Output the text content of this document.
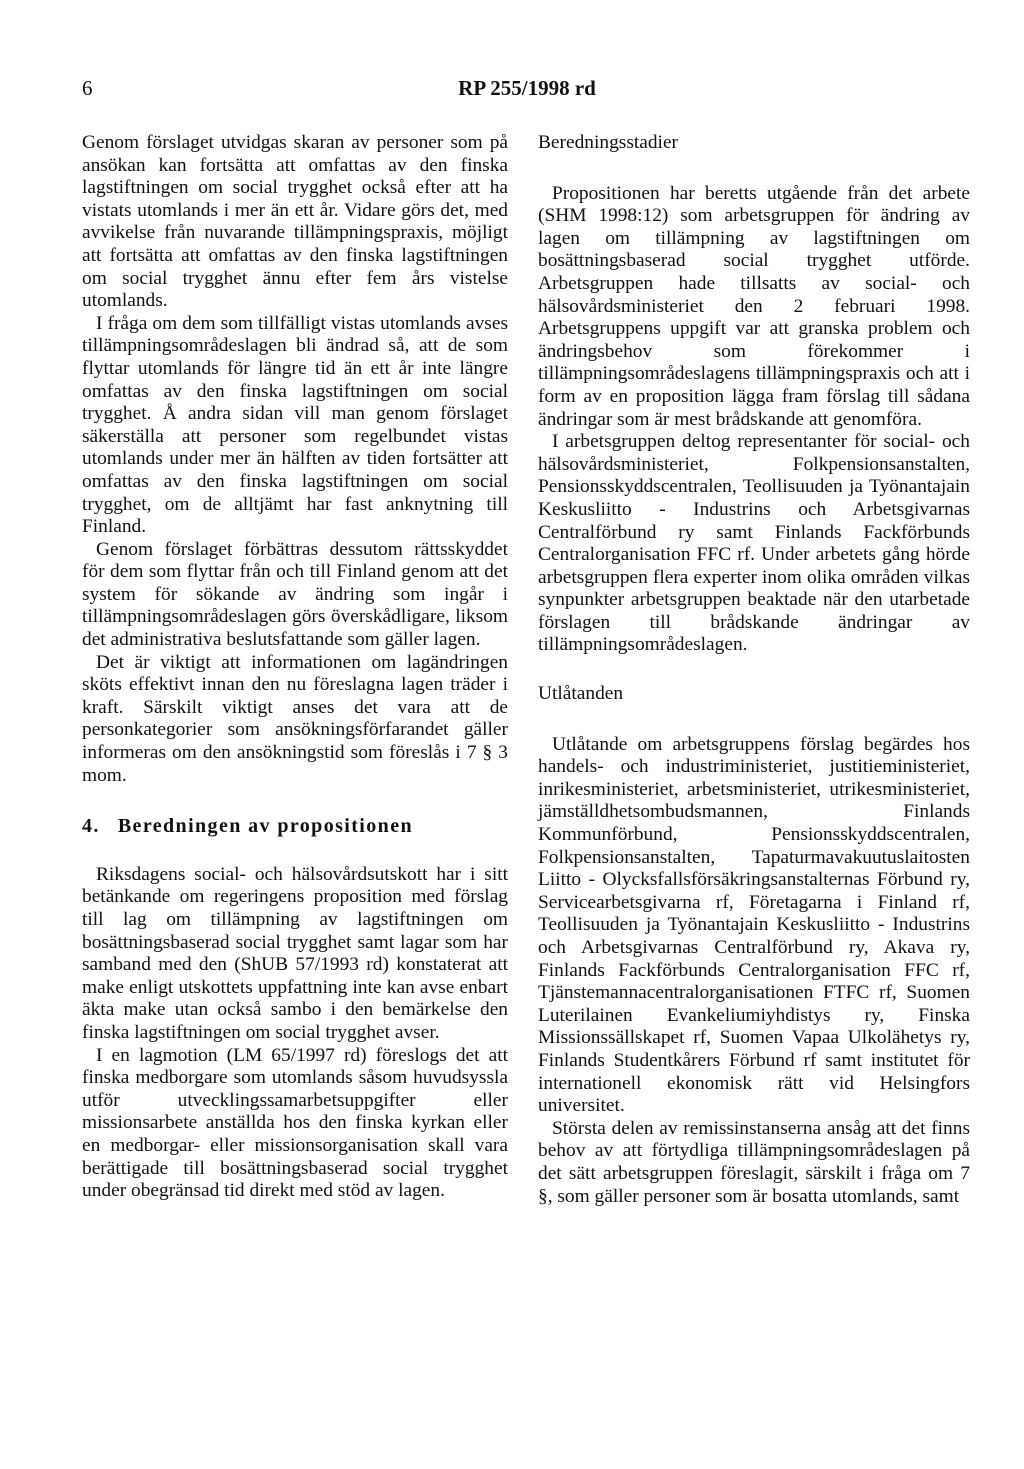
6	RP 255/1998 rd

Genom förslaget utvidgas skaran av personer som på ansökan kan fortsätta att omfattas av den finska lagstiftningen om social trygghet också efter att ha vistats utomlands i mer än ett år. Vidare görs det, med avvikelse från nuvarande tillämpningspraxis, möjligt att fortsätta att omfattas av den finska lagstiftningen om social trygghet ännu efter fem års vistelse utomlands.

I fråga om dem som tillfälligt vistas utomlands avses tillämpningsområdeslagen bli ändrad så, att de som flyttar utomlands för längre tid än ett år inte längre omfattas av den finska lagstiftningen om social trygghet. Å andra sidan vill man genom förslaget säkerställa att personer som regelbundet vistas utomlands under mer än hälften av tiden fortsätter att omfattas av den finska lagstiftningen om social trygghet, om de alltjämt har fast anknytning till Finland.

Genom förslaget förbättras dessutom rättsskyddet för dem som flyttar från och till Finland genom att det system för sökande av ändring som ingår i tillämpningsområdeslagen görs överskådligare, liksom det administrativa beslutsfattande som gäller lagen.

Det är viktigt att informationen om lagändringen sköts effektivt innan den nu föreslagna lagen träder i kraft. Särskilt viktigt anses det vara att de personkategorier som ansökningsförfarandet gäller informeras om den ansökningstid som föreslås i 7 § 3 mom.

4. Beredningen av propositionen

Riksdagens social- och hälsovårdsutskott har i sitt betänkande om regeringens proposition med förslag till lag om tillämpning av lagstiftningen om bosättningsbaserad social trygghet samt lagar som har samband med den (ShUB 57/1993 rd) konstaterat att make enligt utskottets uppfattning inte kan avse enbart äkta make utan också sambo i den bemärkelse den finska lagstiftningen om social trygghet avser.

I en lagmotion (LM 65/1997 rd) föreslogs det att finska medborgare som utomlands såsom huvudsyssla utför utvecklingssamarbetsuppgifter eller missionsarbete anställda hos den finska kyrkan eller en medborgar- eller missionsorganisation skall vara berättigade till bosättningsbaserad social trygghet under obegränsad tid direkt med stöd av lagen.

Beredningsstadier

Propositionen har beretts utgående från det arbete (SHM 1998:12) som arbetsgruppen för ändring av lagen om tillämpning av lagstiftningen om bosättningsbaserad social trygghet utförde. Arbetsgruppen hade tillsatts av social- och hälsovårdsministeriet den 2 februari 1998. Arbetsgruppens uppgift var att granska problem och ändringsbehov som förekommer i tillämpningsområdeslagens tillämpningspraxis och att i form av en proposition lägga fram förslag till sådana ändringar som är mest brådskande att genomföra.

I arbetsgruppen deltog representanter för social- och hälsovårdsministeriet, Folkpensionsanstalten, Pensionsskyddscentralen, Teollisuuden ja Työnantajain Keskusliitto - Industrins och Arbetsgivarnas Centralförbund ry samt Finlands Fackförbunds Centralorganisation FFC rf. Under arbetets gång hörde arbetsgruppen flera experter inom olika områden vilkas synpunkter arbetsgruppen beaktade när den utarbetade förslagen till brådskande ändringar av tillämpningsområdeslagen.

Utlåtanden

Utlåtande om arbetsgruppens förslag begärdes hos handels- och industriministeriet, justitieministeriet, inrikesministeriet, arbetsministeriet, utrikesministeriet, jämställdhetsombudsmannen, Finlands Kommunförbund, Pensionsskyddscentralen, Folkpensionsanstalten, Tapaturmavakuutuslaitosten Liitto - Olycksfallsförsäkringsanstalternas Förbund ry, Servicearbetsgivarna rf, Företagarna i Finland rf, Teollisuuden ja Työnantajain Keskusliitto - Industrins och Arbetsgivarnas Centralförbund ry, Akava ry, Finlands Fackförbunds Centralorganisation FFC rf, Tjänstemannacentralorganisationen FTFC rf, Suomen Luterilainen Evankeliumiyhdistys ry, Finska Missionssällskapet rf, Suomen Vapaa Ulkolähetys ry, Finlands Studentkårers Förbund rf samt institutet för internationell ekonomisk rätt vid Helsingfors universitet.

Största delen av remissinstanserna ansåg att det finns behov av att förtydliga tillämpningsområdeslagen på det sätt arbetsgruppen föreslagit, särskilt i fråga om 7 §, som gäller personer som är bosatta utomlands, samt
